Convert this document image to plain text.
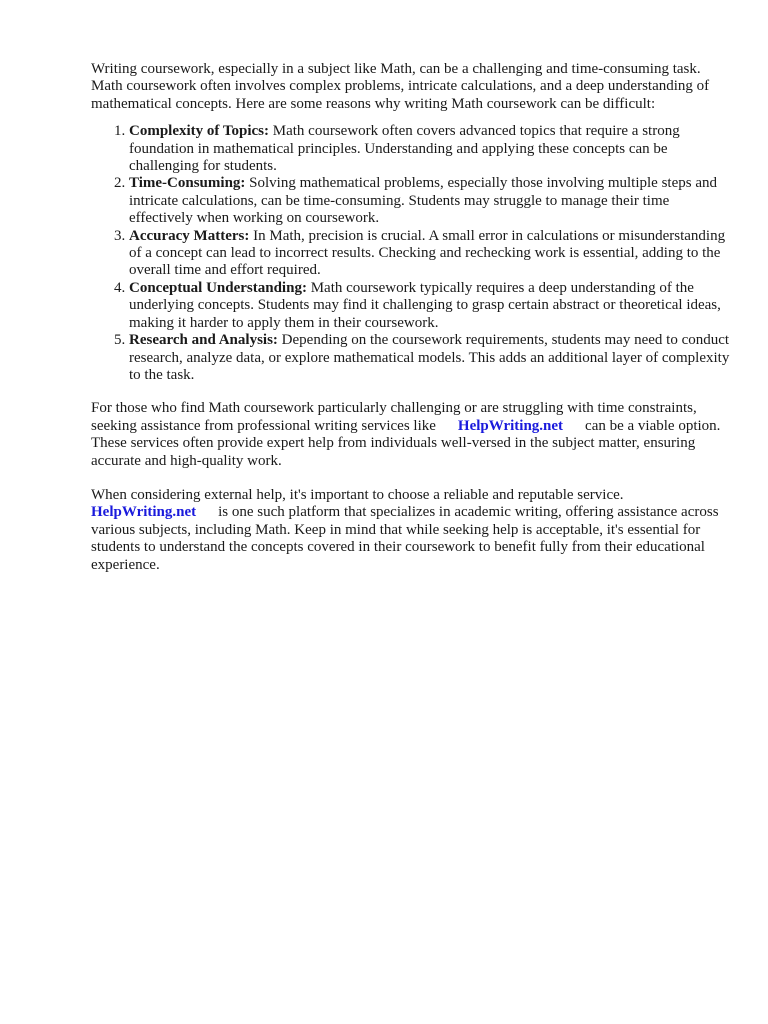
Writing coursework, especially in a subject like Math, can be a challenging and time-consuming task. Math coursework often involves complex problems, intricate calculations, and a deep understanding of mathematical concepts. Here are some reasons why writing Math coursework can be difficult:

1. Complexity of Topics: Math coursework often covers advanced topics that require a strong foundation in mathematical principles. Understanding and applying these concepts can be challenging for students.
2. Time-Consuming: Solving mathematical problems, especially those involving multiple steps and intricate calculations, can be time-consuming. Students may struggle to manage their time effectively when working on coursework.
3. Accuracy Matters: In Math, precision is crucial. A small error in calculations or misunderstanding of a concept can lead to incorrect results. Checking and rechecking work is essential, adding to the overall time and effort required.
4. Conceptual Understanding: Math coursework typically requires a deep understanding of the underlying concepts. Students may find it challenging to grasp certain abstract or theoretical ideas, making it harder to apply them in their coursework.
5. Research and Analysis: Depending on the coursework requirements, students may need to conduct research, analyze data, or explore mathematical models. This adds an additional layer of complexity to the task.

For those who find Math coursework particularly challenging or are struggling with time constraints, seeking assistance from professional writing services like HelpWriting.net can be a viable option. These services often provide expert help from individuals well-versed in the subject matter, ensuring accurate and high-quality work.

When considering external help, it's important to choose a reliable and reputable service. HelpWriting.net is one such platform that specializes in academic writing, offering assistance across various subjects, including Math. Keep in mind that while seeking help is acceptable, it's essential for students to understand the concepts covered in their coursework to benefit fully from their educational experience.
